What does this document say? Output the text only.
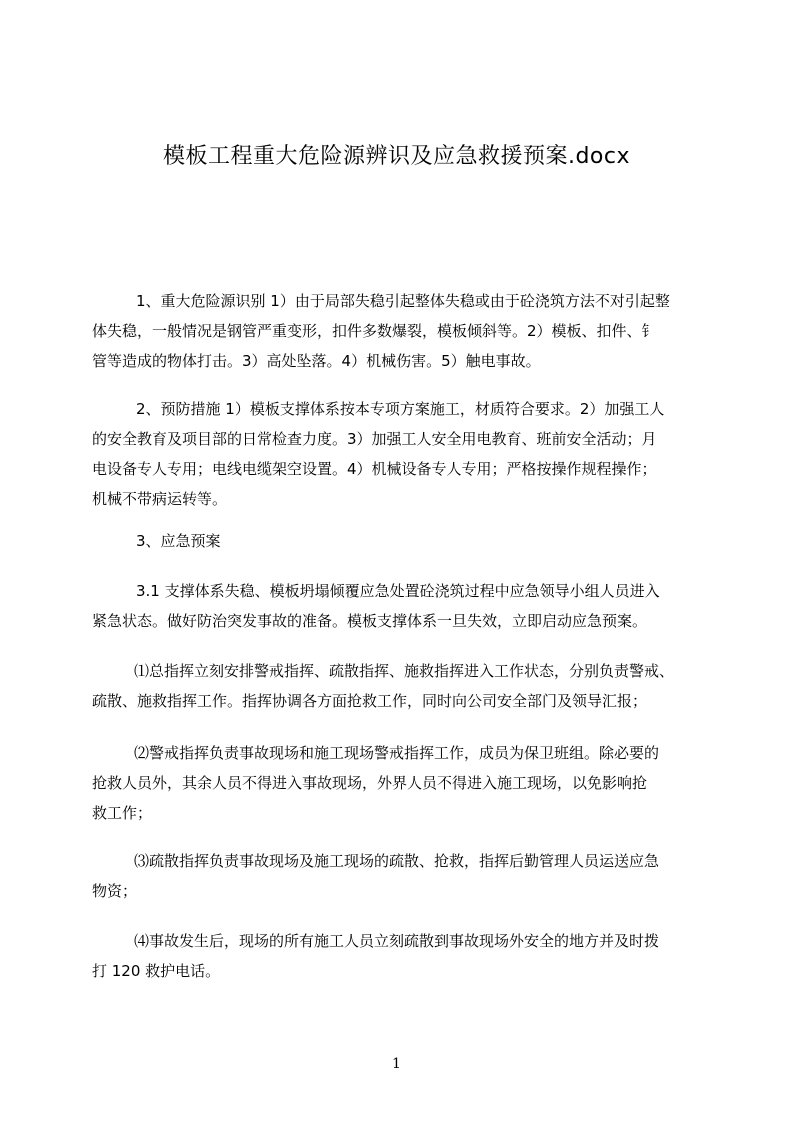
模板工程重大危险源辨识及应急救援预案.docx
1、重大危险源识别 1）由于局部失稳引起整体失稳或由于砼浇筑方法不对引起整
体失稳，一般情况是钢管严重变形，扣件多数爆裂，模板倾斜等。2）模板、扣件、钅
管等造成的物体打击。3）高处坠落。4）机械伤害。5）触电事故。
2、预防措施 1）模板支撑体系按本专项方案施工，材质符合要求。2）加强工人
的安全教育及项目部的日常检查力度。3）加强工人安全用电教育、班前安全活动；月
电设备专人专用；电线电缆架空设置。4）机械设备专人专用；严格按操作规程操作；
机械不带病运转等。
3、应急预案
3.1 支撑体系失稳、模板坍塌倾覆应急处置砼浇筑过程中应急领导小组人员进入
紧急状态。做好防治突发事故的准备。模板支撑体系一旦失效，立即启动应急预案。
⑴总指挥立刻安排警戒指挥、疏散指挥、施救指挥进入工作状态，分别负责警戒、
疏散、施救指挥工作。指挥协调各方面抢救工作，同时向公司安全部门及领导汇报；
⑵警戒指挥负责事故现场和施工现场警戒指挥工作，成员为保卫班组。除必要的
抢救人员外，其余人员不得进入事故现场，外界人员不得进入施工现场，以免影响抢
救工作；
⑶疏散指挥负责事故现场及施工现场的疏散、抢救，指挥后勤管理人员运送应急
物资；
⑷事故发生后，现场的所有施工人员立刻疏散到事故现场外安全的地方并及时拨
打 120 救护电话。
1
